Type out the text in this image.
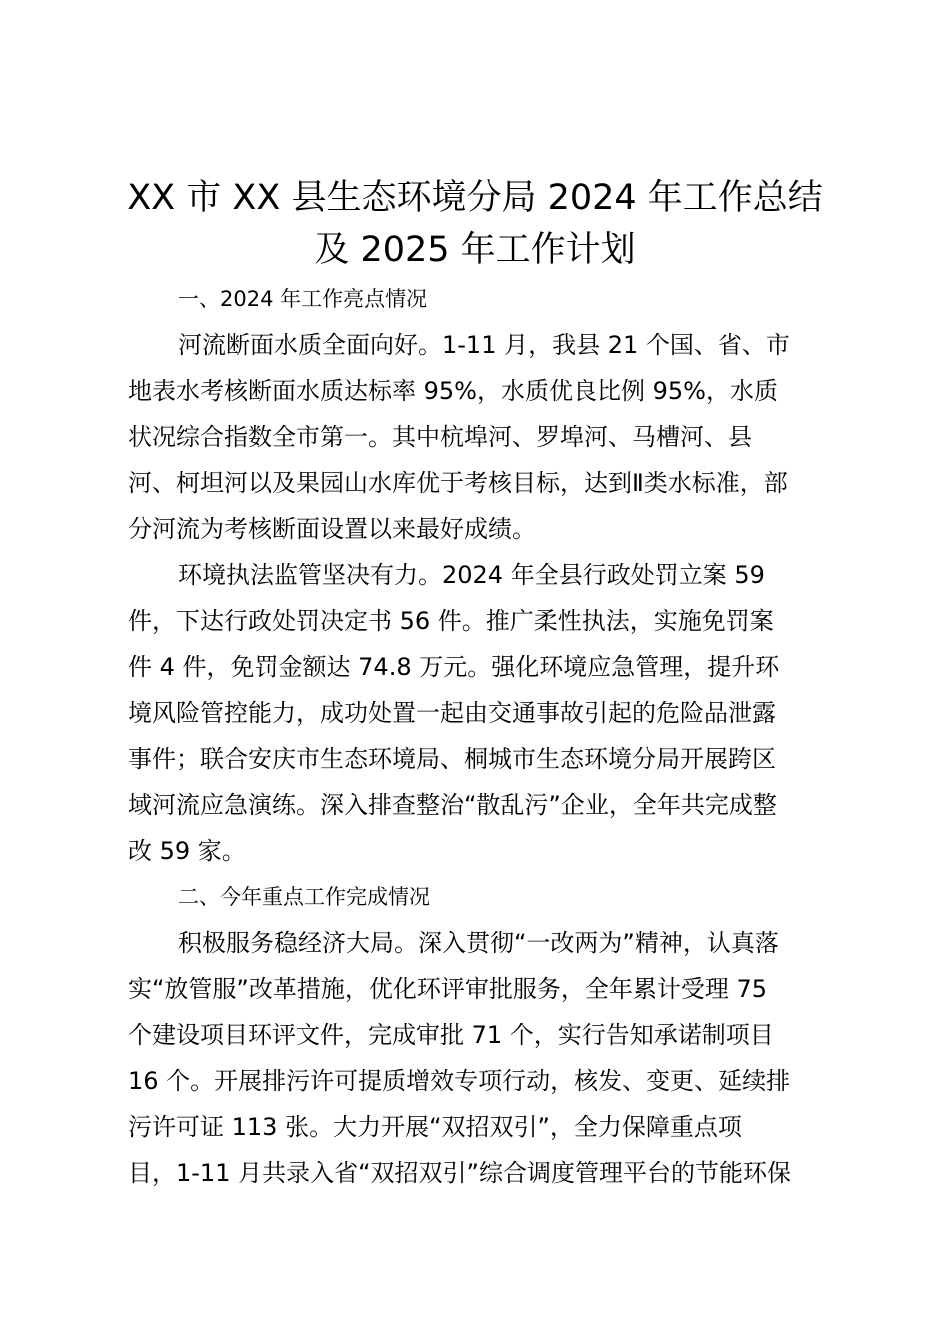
XX 市 XX 县生态环境分局 2024 年工作总结
及 2025 年工作计划
一、2024 年工作亮点情况
河流断面水质全面向好。1-11 月，我县 21 个国、省、市
地表水考核断面水质达标率 95%，水质优良比例 95%，水质
状况综合指数全市第一。其中杭埠河、罗埠河、马槽河、县
河、柯坦河以及果园山水库优于考核目标，达到Ⅱ类水标准，部
分河流为考核断面设置以来最好成绩。
环境执法监管坚决有力。2024 年全县行政处罚立案 59
件，下达行政处罚决定书 56 件。推广柔性执法，实施免罚案
件 4 件，免罚金额达 74.8 万元。强化环境应急管理，提升环
境风险管控能力，成功处置一起由交通事故引起的危险品泄露
事件；联合安庆市生态环境局、桐城市生态环境分局开展跨区
域河流应急演练。深入排查整治“散乱污”企业，全年共完成整
改 59 家。
二、今年重点工作完成情况
积极服务稳经济大局。深入贯彻“一改两为”精神，认真落
实“放管服”改革措施，优化环评审批服务，全年累计受理 75
个建设项目环评文件，完成审批 71 个，实行告知承诺制项目
16 个。开展排污许可提质增效专项行动，核发、变更、延续排
污许可证 113 张。大力开展“双招双引”，全力保障重点项
目，1-11 月共录入省“双招双引”综合调度管理平台的节能环保
